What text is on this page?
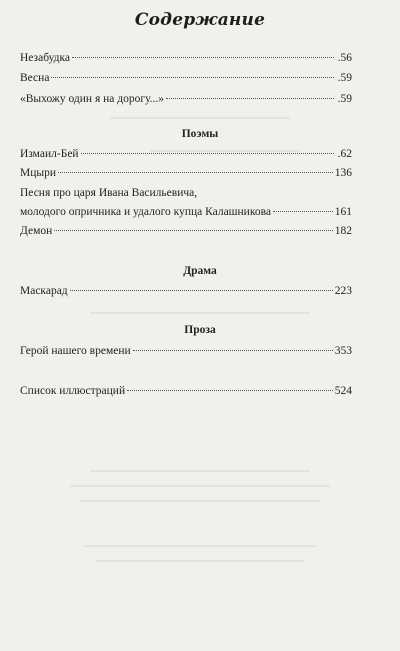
Содержание
Незабудка	.56
Весна	.59
«Выхожу один я на дорогу...»	.59
Поэмы
Измаил-Бей	.62
Мцыри	136
Песня про царя Ивана Васильевича,
молодого опричника и удалого купца Калашникова	161
Демон	182
Драма
Маскарад	223
Проза
Герой нашего времени	353
Список иллюстраций	524
